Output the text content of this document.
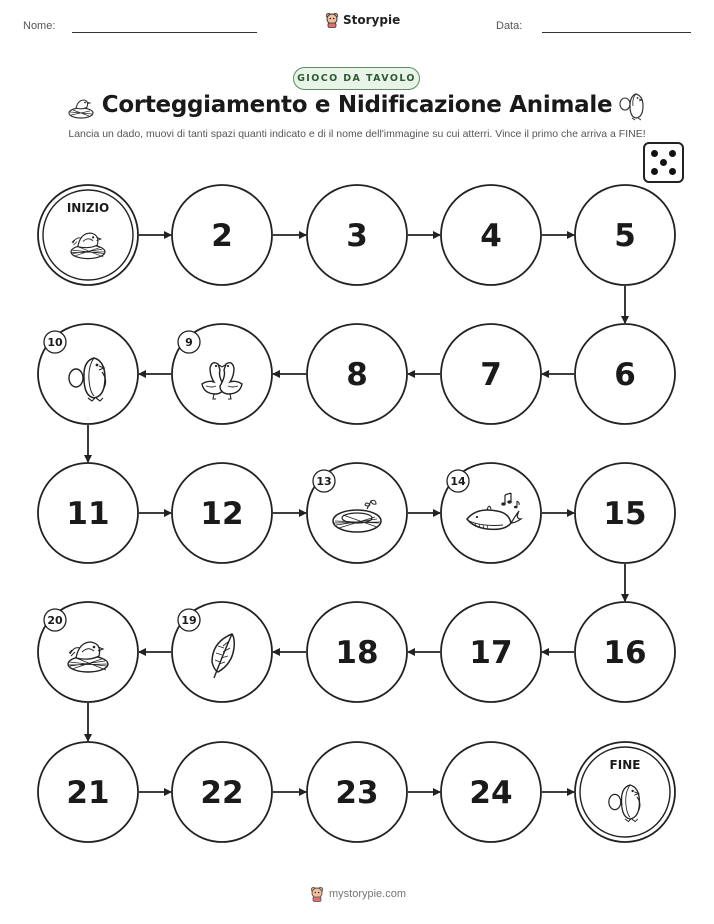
Nome:	Storypie	Data:
GIOCO DA TAVOLO
Corteggiamento e Nidificazione Animale
Lancia un dado, muovi di tanti spazi quanti indicato e di il nome dell'immagine su cui atterri. Vince il primo che arriva a FINE!
INIZIO
2	3	4	5
6
7
8
9
10
11	12
13	14
15
16
17
18
19
20
21	22	23	24
FINE
mystorypie.com
